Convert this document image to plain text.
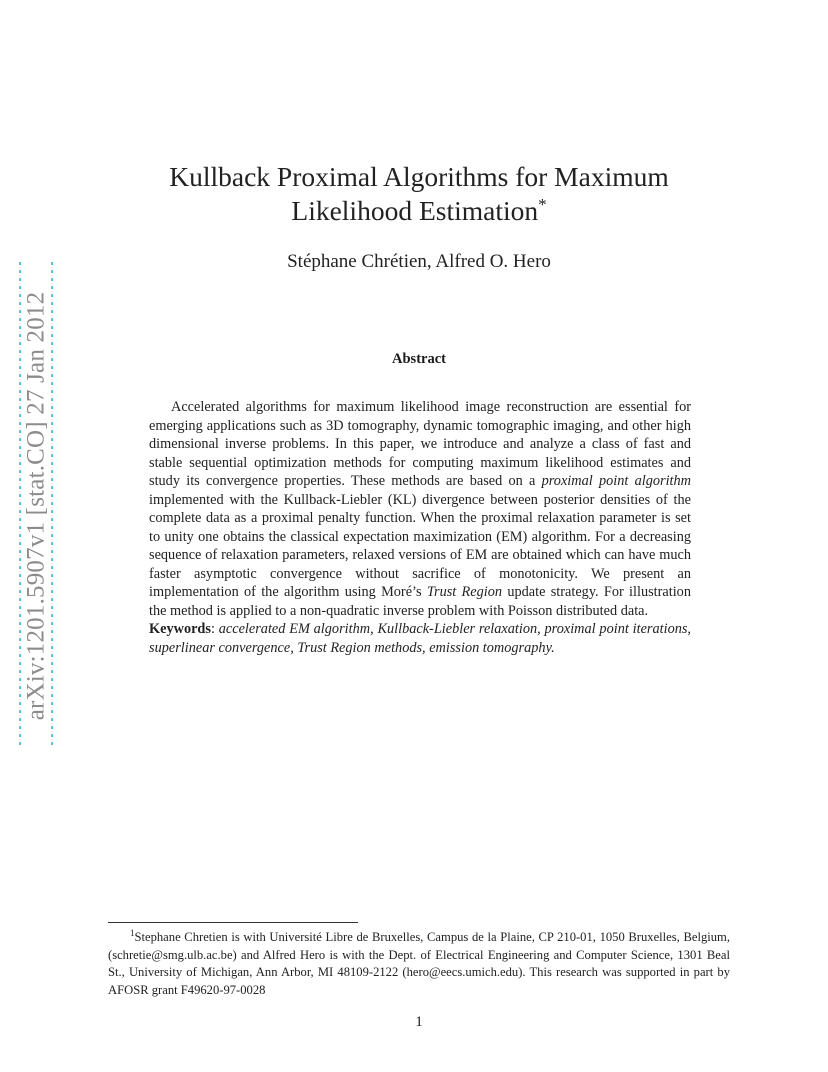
arXiv:1201.5907v1 [stat.CO] 27 Jan 2012
Kullback Proximal Algorithms for Maximum
Likelihood Estimation*
Stéphane Chrétien, Alfred O. Hero
Abstract

Accelerated algorithms for maximum likelihood image reconstruction are essential for emerging applications such as 3D tomography, dynamic tomographic imaging, and other high dimensional inverse problems. In this paper, we introduce and analyze a class of fast and stable sequential optimization methods for computing maximum likelihood estimates and study its convergence properties. These methods are based on a proximal point algorithm implemented with the Kullback-Liebler (KL) divergence between posterior densities of the complete data as a proximal penalty function. When the proximal relaxation parameter is set to unity one obtains the classical expectation maximization (EM) algorithm. For a decreasing sequence of relaxation parameters, relaxed versions of EM are obtained which can have much faster asymptotic convergence without sacrifice of monotonicity. We present an implementation of the algorithm using Moré’s Trust Region update strategy. For illustration the method is applied to a non-quadratic inverse problem with Poisson distributed data.

Keywords: accelerated EM algorithm, Kullback-Liebler relaxation, proximal point iterations, superlinear convergence, Trust Region methods, emission tomography.

$^1$Stephane Chretien is with Université Libre de Bruxelles, Campus de la Plaine, CP 210-01, 1050 Bruxelles, Belgium, (schretie@smg.ulb.ac.be) and Alfred Hero is with the Dept. of Electrical Engineering and Computer Science, 1301 Beal St., University of Michigan, Ann Arbor, MI 48109-2122 (hero@eecs.umich.edu). This research was supported in part by AFOSR grant F49620-97-0028

1
